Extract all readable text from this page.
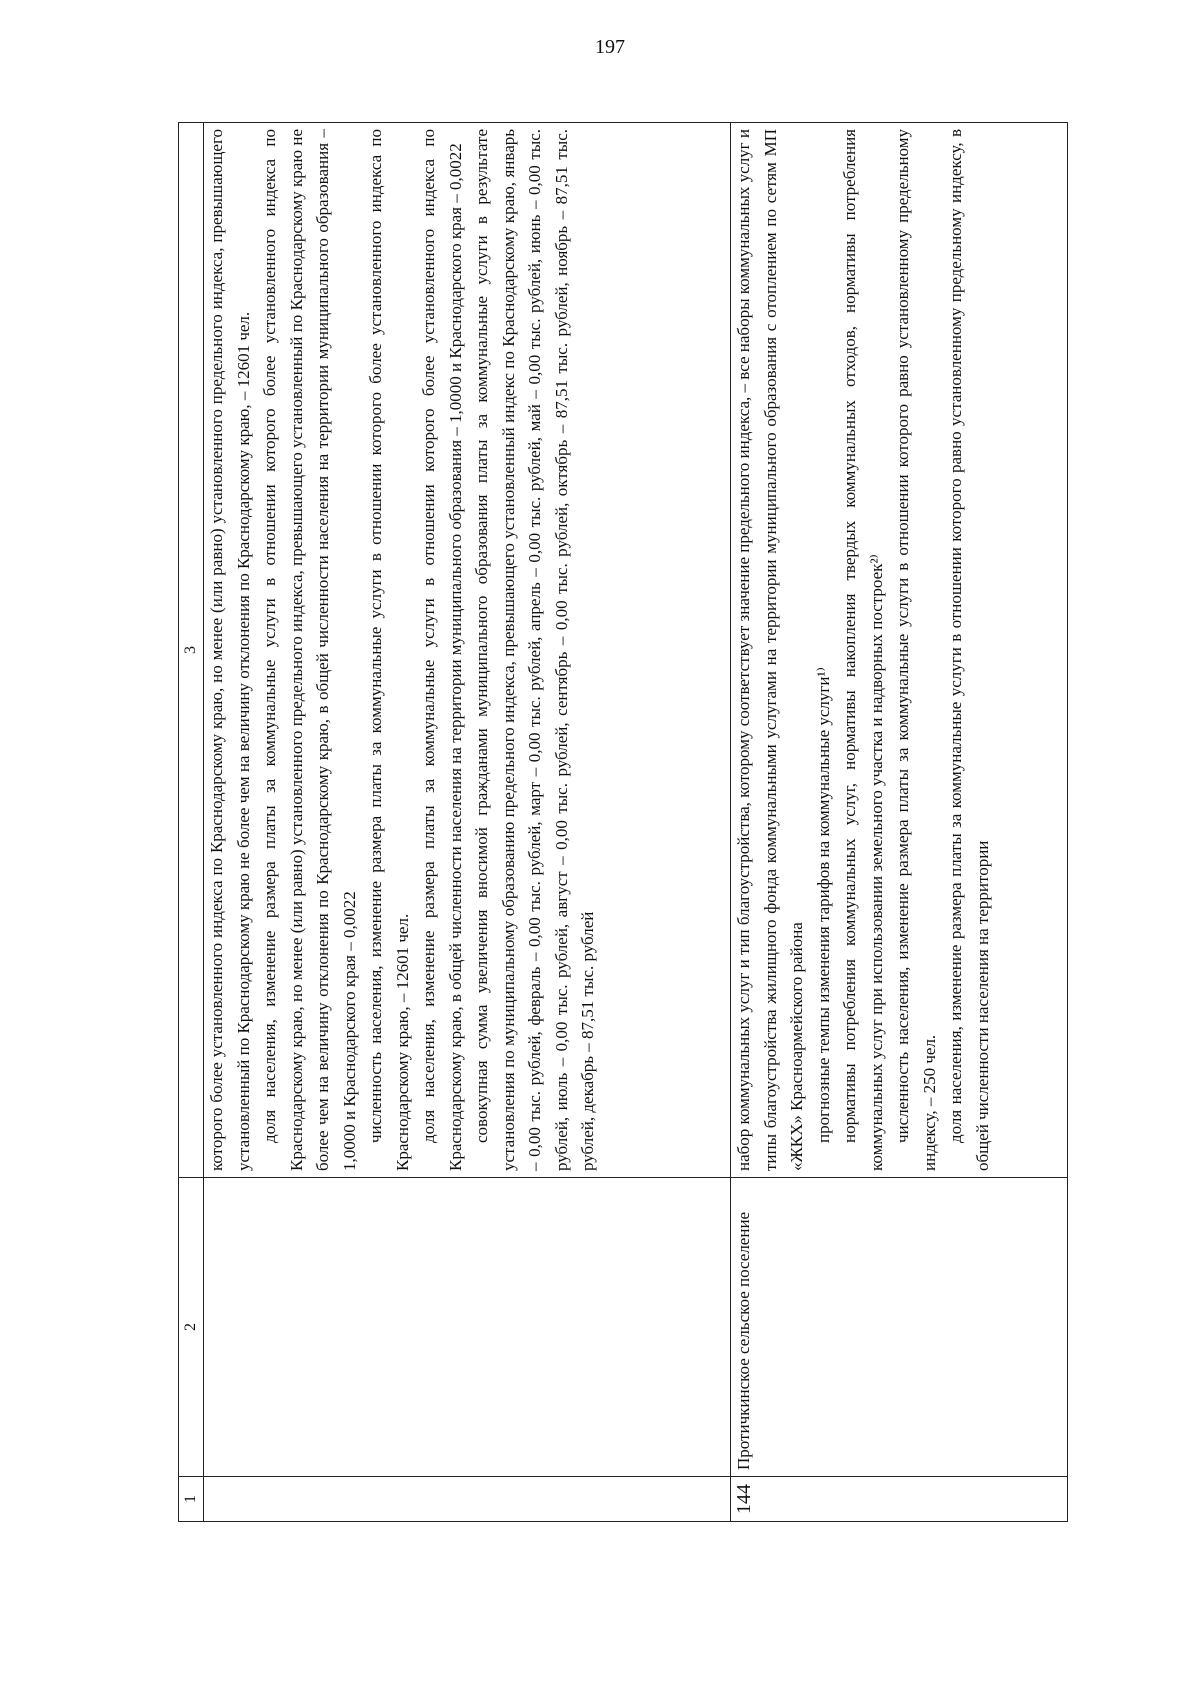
197
1	2	3

		которого более установленного индекса по Краснодарскому краю, но менее (или равно) установленного предельного индекса, превышающего установленный по Краснодарскому краю не более чем на величину отклонения по Краснодарскому краю, – 12601 чел. доля населения, изменение размера платы за коммунальные услуги в отношении которого более установленного индекса по Краснодарскому краю, но менее (или равно) установленного предельного индекса, превышающего установленный по Краснодарскому краю не более чем на величину отклонения по Краснодарскому краю, в общей численности населения на территории муниципального образования – 1,0000 и Краснодарского края – 0,0022 численность населения, изменение размера платы за коммунальные услуги в отношении которого более установленного индекса по Краснодарскому краю, – 12601 чел. доля населения, изменение размера платы за коммунальные услуги в отношении которого более установленного индекса по Краснодарскому краю, в общей численности населения на территории муниципального образования – 1,0000 и Краснодарского края – 0,0022 совокупная сумма увеличения вносимой гражданами муниципального образования платы за коммунальные услуги в результате установления по муниципальному образованию предельного индекса, превышающего установленный индекс по Краснодарскому краю, январь – 0,00 тыс. рублей, февраль – 0,00 тыс. рублей, март – 0,00 тыс. рублей, апрель – 0,00 тыс. рублей, май – 0,00 тыс. рублей, июнь – 0,00 тыс. рублей, июль – 0,00 тыс. рублей, август – 0,00 тыс. рублей, сентябрь – 0,00 тыс. рублей, октябрь – 87,51 тыс. рублей, ноябрь – 87,51 тыс. рублей, декабрь – 87,51 тыс. рублей

144	Протичкинское сельское поселение	набор коммунальных услуг и тип благоустройства, которому соответствует значение предельного индекса, – все наборы коммунальных услуг и типы благоустройства жилищного фонда коммунальными услугами на территории муниципального образования с отоплением по сетям МП «ЖКХ» Красноармейского района прогнозные темпы изменения тарифов на коммунальные услуги¹⁾ нормативы потребления коммунальных услуг, нормативы накопления твердых коммунальных отходов, нормативы потребления коммунальных услуг при использовании земельного участка и надворных построек²⁾ численность населения, изменение размера платы за коммунальные услуги в отношении которого равно установленному предельному индексу, – 250 чел. доля населения, изменение размера платы за коммунальные услуги в отношении которого равно установленному предельному индексу, в общей численности населения на территории
